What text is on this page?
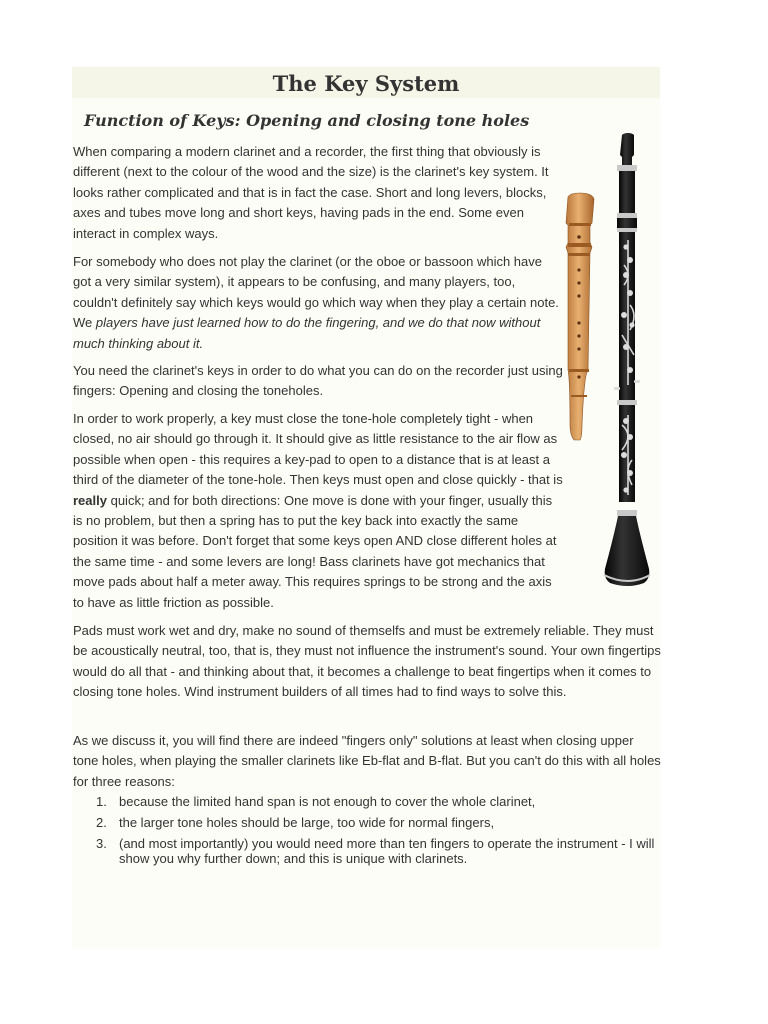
The Key System
Function of Keys: Opening and closing tone holes

When comparing a modern clarinet and a recorder, the first thing that obviously is different (next to the colour of the wood and the size) is the clarinet's key system. It looks rather complicated and that is in fact the case. Short and long levers, blocks, axes and tubes move long and short keys, having pads in the end. Some even interact in complex ways.

For somebody who does not play the clarinet (or the oboe or bassoon which have got a very similar system), it appears to be confusing, and many players, too, couldn't definitely say which keys would go which way when they play a certain note. We players have just learned how to do the fingering, and we do that now without much thinking about it.

You need the clarinet's keys in order to do what you can do on the recorder just using fingers: Opening and closing the toneholes.

In order to work properly, a key must close the tone-hole completely tight - when closed, no air should go through it. It should give as little resistance to the air flow as possible when open - this requires a key-pad to open to a distance that is at least a third of the diameter of the tone-hole. Then keys must open and close quickly - that is really quick; and for both directions: One move is done with your finger, usually this is no problem, but then a spring has to put the key back into exactly the same position it was before. Don't forget that some keys open AND close different holes at the same time - and some levers are long! Bass clarinets have got mechanics that move pads about half a meter away. This requires springs to be strong and the axis to have as little friction as possible.

Pads must work wet and dry, make no sound of themselfs and must be extremely reliable. They must be acoustically neutral, too, that is, they must not influence the instrument's sound. Your own fingertips would do all that - and thinking about that, it becomes a challenge to beat fingertips when it comes to closing tone holes. Wind instrument builders of all times had to find ways to solve this.

As we discuss it, you will find there are indeed "fingers only" solutions at least when closing upper tone holes, when playing the smaller clarinets like Eb-flat and B-flat. But you can't do this with all holes for three reasons:

1. because the limited hand span is not enough to cover the whole clarinet,
2. the larger tone holes should be large, too wide for normal fingers,
3. (and most importantly) you would need more than ten fingers to operate the instrument - I will show you why further down; and this is unique with clarinets.
